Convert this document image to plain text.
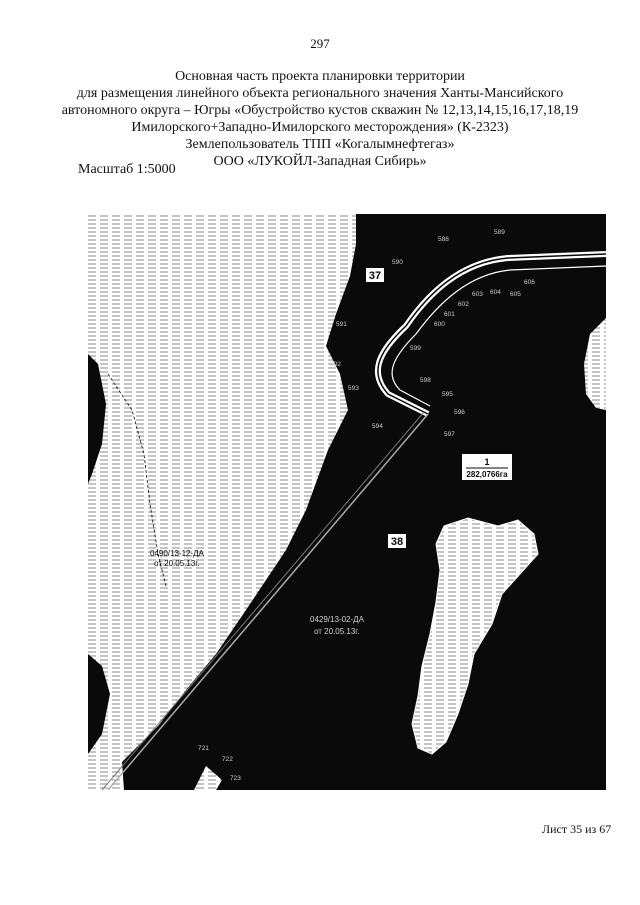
297
Основная часть проекта планировки территории
для размещения линейного объекта регионального значения Ханты-Мансийского
автономного округа – Югры «Обустройство кустов скважин № 12,13,14,15,16,17,18,19
Имилорского+Западно-Имилорского месторождения» (К-2323)
Землепользователь ТПП «Когалымнефтегаз»
ООО «ЛУКОЙЛ-Западная Сибирь»
Масштаб 1:5000
37
38
1
282,0766га
0490/13-12-ДА
от 20.05.13г.
0429/13-02-ДА
от 20.05.13г.
588
589
590
591
592
593
594
595
596
597
598
599
600
601
602
603 604 605
606
721
722
723
Лист 35 из 67
